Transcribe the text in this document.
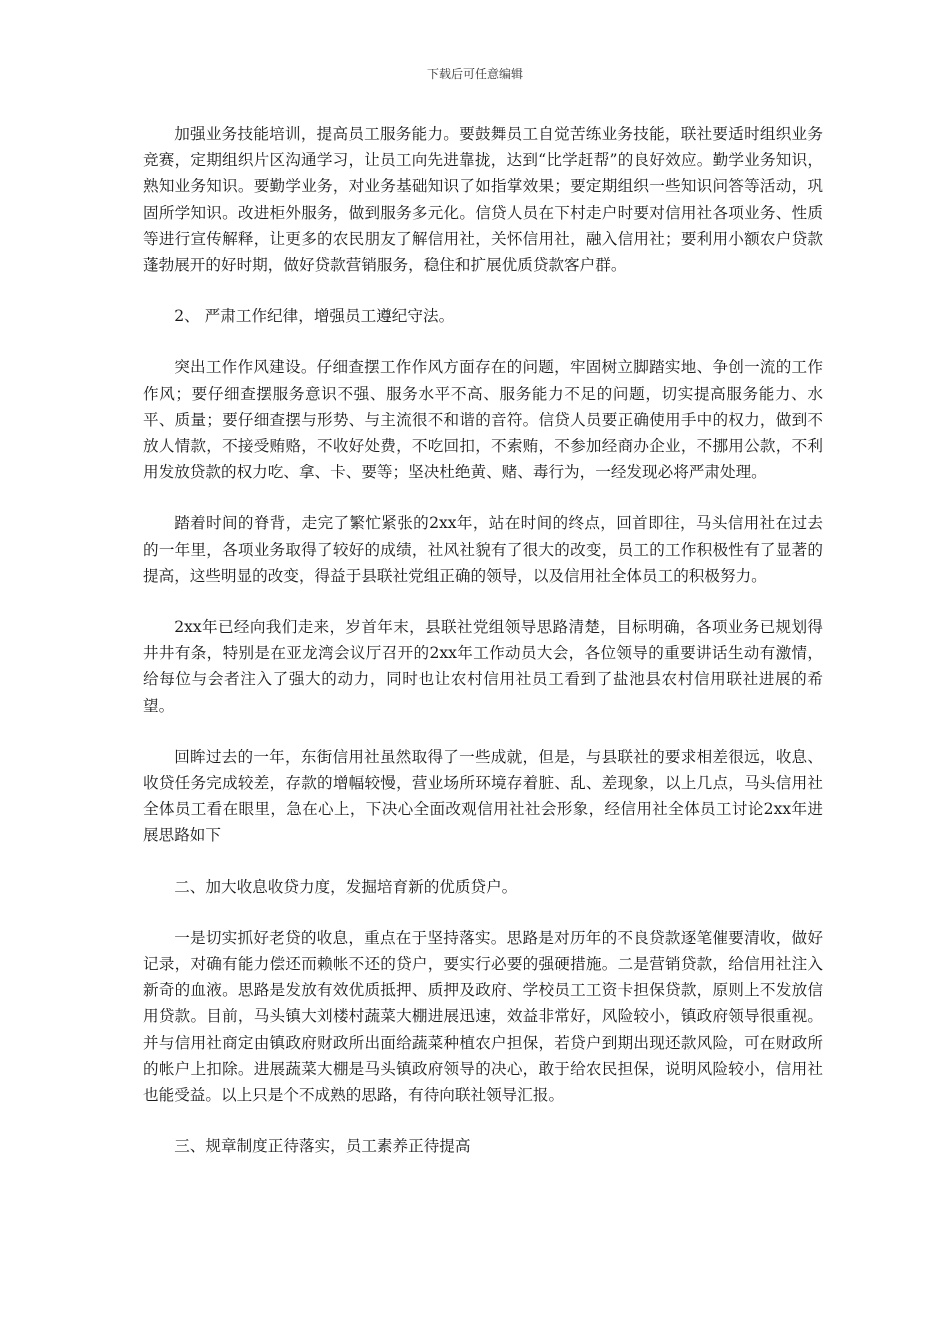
下载后可任意编辑

加强业务技能培训，提高员工服务能力。要鼓舞员工自觉苦练业务技能，联社要适时组织业务竞赛，定期组织片区沟通学习，让员工向先进靠拢，达到“比学赶帮”的良好效应。勤学业务知识，熟知业务知识。要勤学业务，对业务基础知识了如指掌效果；要定期组织一些知识问答等活动，巩固所学知识。改进柜外服务，做到服务多元化。信贷人员在下村走户时要对信用社各项业务、性质等进行宣传解释，让更多的农民朋友了解信用社，关怀信用社，融入信用社；要利用小额农户贷款蓬勃展开的好时期，做好贷款营销服务，稳住和扩展优质贷款客户群。

2、 严肃工作纪律，增强员工遵纪守法。

突出工作作风建设。仔细查摆工作作风方面存在的问题，牢固树立脚踏实地、争创一流的工作作风；要仔细查摆服务意识不强、服务水平不高、服务能力不足的问题，切实提高服务能力、水平、质量；要仔细查摆与形势、与主流很不和谐的音符。信贷人员要正确使用手中的权力，做到不放人情款，不接受贿赂，不收好处费，不吃回扣，不索贿，不参加经商办企业，不挪用公款，不利用发放贷款的权力吃、拿、卡、要等；坚决杜绝黄、赌、毒行为，一经发现必将严肃处理。

踏着时间的脊背，走完了繁忙紧张的2xx年，站在时间的终点，回首即往，马头信用社在过去的一年里，各项业务取得了较好的成绩，社风社貌有了很大的改变，员工的工作积极性有了显著的提高，这些明显的改变，得益于县联社党组正确的领导，以及信用社全体员工的积极努力。

2xx年已经向我们走来，岁首年末，县联社党组领导思路清楚，目标明确，各项业务已规划得井井有条，特别是在亚龙湾会议厅召开的2xx年工作动员大会，各位领导的重要讲话生动有激情，给每位与会者注入了强大的动力，同时也让农村信用社员工看到了盐池县农村信用联社进展的希望。

回眸过去的一年，东街信用社虽然取得了一些成就，但是，与县联社的要求相差很远，收息、收贷任务完成较差，存款的增幅较慢，营业场所环境存着脏、乱、差现象，以上几点，马头信用社全体员工看在眼里，急在心上，下决心全面改观信用社社会形象，经信用社全体员工讨论2xx年进展思路如下

二、加大收息收贷力度，发掘培育新的优质贷户。

一是切实抓好老贷的收息，重点在于坚持落实。思路是对历年的不良贷款逐笔催要清收，做好记录，对确有能力偿还而赖帐不还的贷户，要实行必要的强硬措施。二是营销贷款，给信用社注入新奇的血液。思路是发放有效优质抵押、质押及政府、学校员工工资卡担保贷款，原则上不发放信用贷款。目前，马头镇大刘楼村蔬菜大棚进展迅速，效益非常好，风险较小，镇政府领导很重视。并与信用社商定由镇政府财政所出面给蔬菜种植农户担保，若贷户到期出现还款风险，可在财政所的帐户上扣除。进展蔬菜大棚是马头镇政府领导的决心，敢于给农民担保，说明风险较小，信用社也能受益。以上只是个不成熟的思路，有待向联社领导汇报。

三、规章制度正待落实，员工素养正待提高
